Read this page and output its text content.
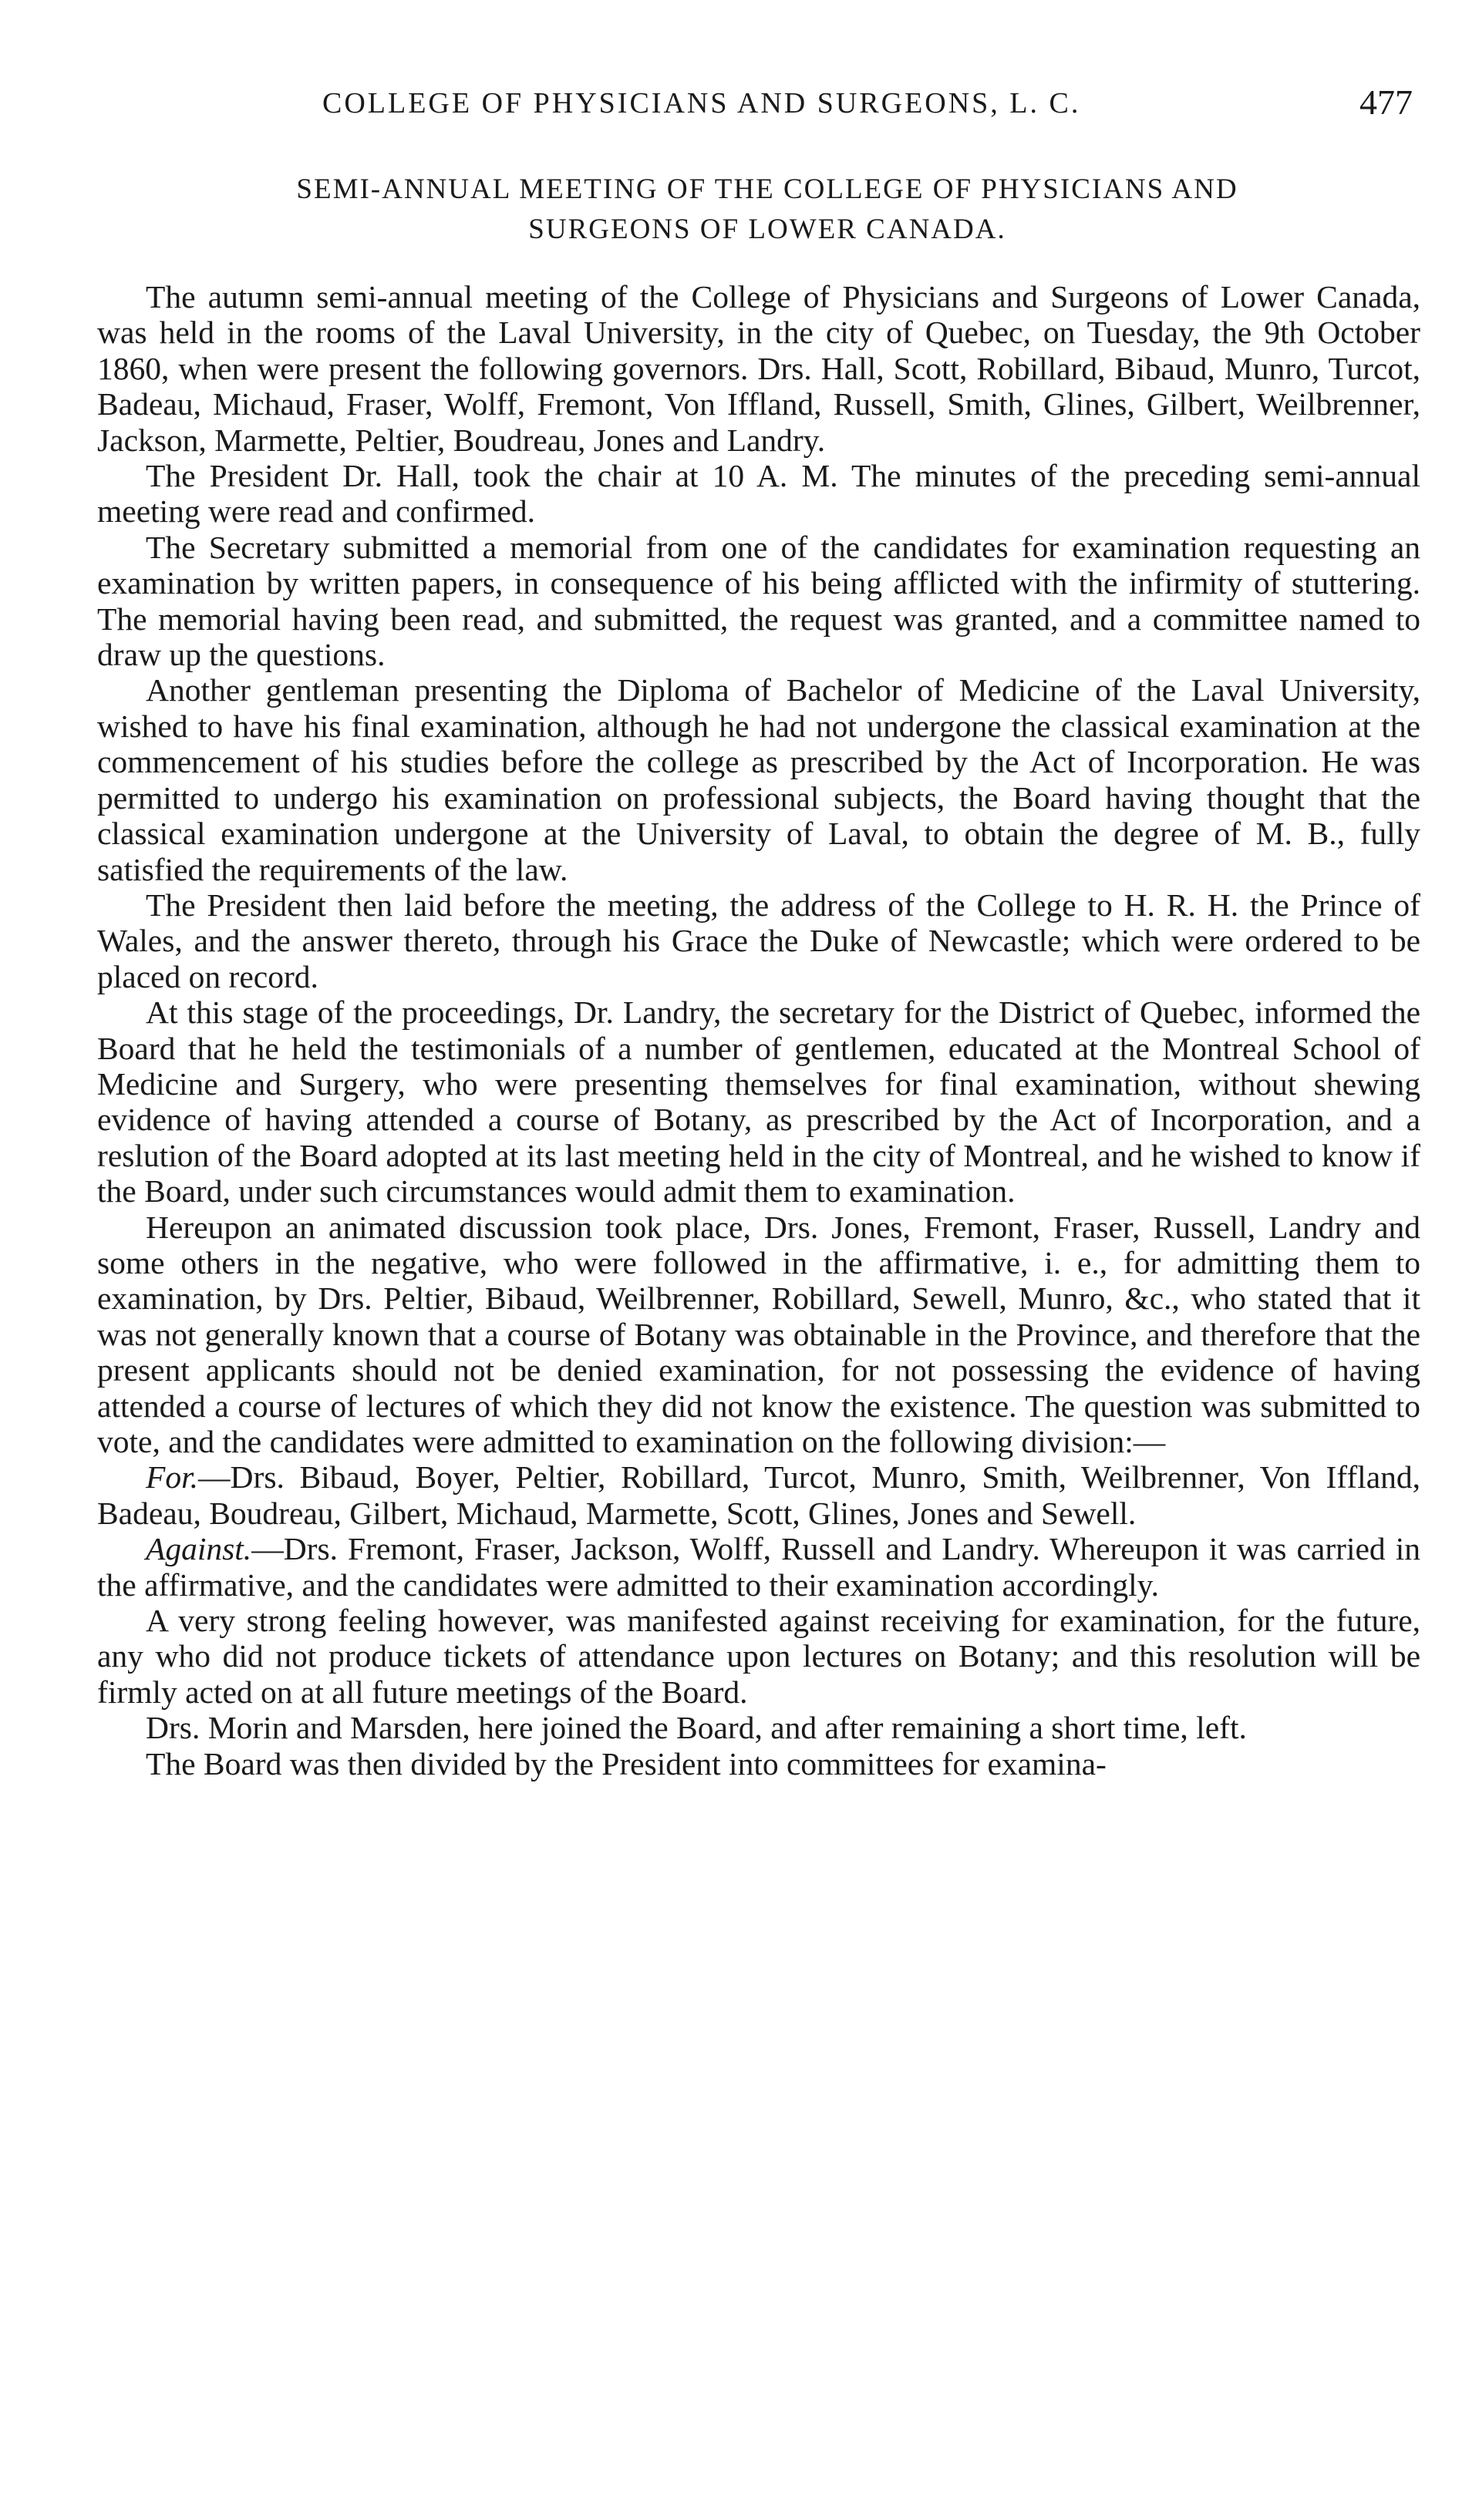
COLLEGE OF PHYSICIANS AND SURGEONS, L. C.	477
SEMI-ANNUAL MEETING OF THE COLLEGE OF PHYSICIANS AND
SURGEONS OF LOWER CANADA.

The autumn semi-annual meeting of the College of Physicians and Surgeons of Lower Canada, was held in the rooms of the Laval University, in the city of Quebec, on Tuesday, the 9th October 1860, when were present the following governors. Drs. Hall, Scott, Robillard, Bibaud, Munro, Turcot, Badeau, Michaud, Fraser, Wolff, Fremont, Von Iffland, Russell, Smith, Glines, Gilbert, Weilbrenner, Jackson, Marmette, Peltier, Boudreau, Jones and Landry.

The President Dr. Hall, took the chair at 10 A. M. The minutes of the preceding semi-annual meeting were read and confirmed.

The Secretary submitted a memorial from one of the candidates for examination requesting an examination by written papers, in consequence of his being afflicted with the infirmity of stuttering. The memorial having been read, and submitted, the request was granted, and a committee named to draw up the questions.

Another gentleman presenting the Diploma of Bachelor of Medicine of the Laval University, wished to have his final examination, although he had not undergone the classical examination at the commencement of his studies before the college as prescribed by the Act of Incorporation. He was permitted to undergo his examination on professional subjects, the Board having thought that the classical examination undergone at the University of Laval, to obtain the degree of M. B., fully satisfied the requirements of the law.

The President then laid before the meeting, the address of the College to H. R. H. the Prince of Wales, and the answer thereto, through his Grace the Duke of Newcastle; which were ordered to be placed on record.

At this stage of the proceedings, Dr. Landry, the secretary for the District of Quebec, informed the Board that he held the testimonials of a number of gentlemen, educated at the Montreal School of Medicine and Surgery, who were presenting themselves for final examination, without shewing evidence of having attended a course of Botany, as prescribed by the Act of Incorporation, and a reslution of the Board adopted at its last meeting held in the city of Montreal, and he wished to know if the Board, under such circumstances would admit them to examination.

Hereupon an animated discussion took place, Drs. Jones, Fremont, Fraser, Russell, Landry and some others in the negative, who were followed in the affirmative, i. e., for admitting them to examination, by Drs. Peltier, Bibaud, Weilbrenner, Robillard, Sewell, Munro, &c., who stated that it was not generally known that a course of Botany was obtainable in the Province, and therefore that the present applicants should not be denied examination, for not possessing the evidence of having attended a course of lectures of which they did not know the existence. The question was submitted to vote, and the candidates were admitted to examination on the following division:—

For.—Drs. Bibaud, Boyer, Peltier, Robillard, Turcot, Munro, Smith, Weilbrenner, Von Iffland, Badeau, Boudreau, Gilbert, Michaud, Marmette, Scott, Glines, Jones and Sewell.

Against.—Drs. Fremont, Fraser, Jackson, Wolff, Russell and Landry. Whereupon it was carried in the affirmative, and the candidates were admitted to their examination accordingly.

A very strong feeling however, was manifested against receiving for examination, for the future, any who did not produce tickets of attendance upon lectures on Botany; and this resolution will be firmly acted on at all future meetings of the Board.

Drs. Morin and Marsden, here joined the Board, and after remaining a short time, left.

The Board was then divided by the President into committees for examina-
